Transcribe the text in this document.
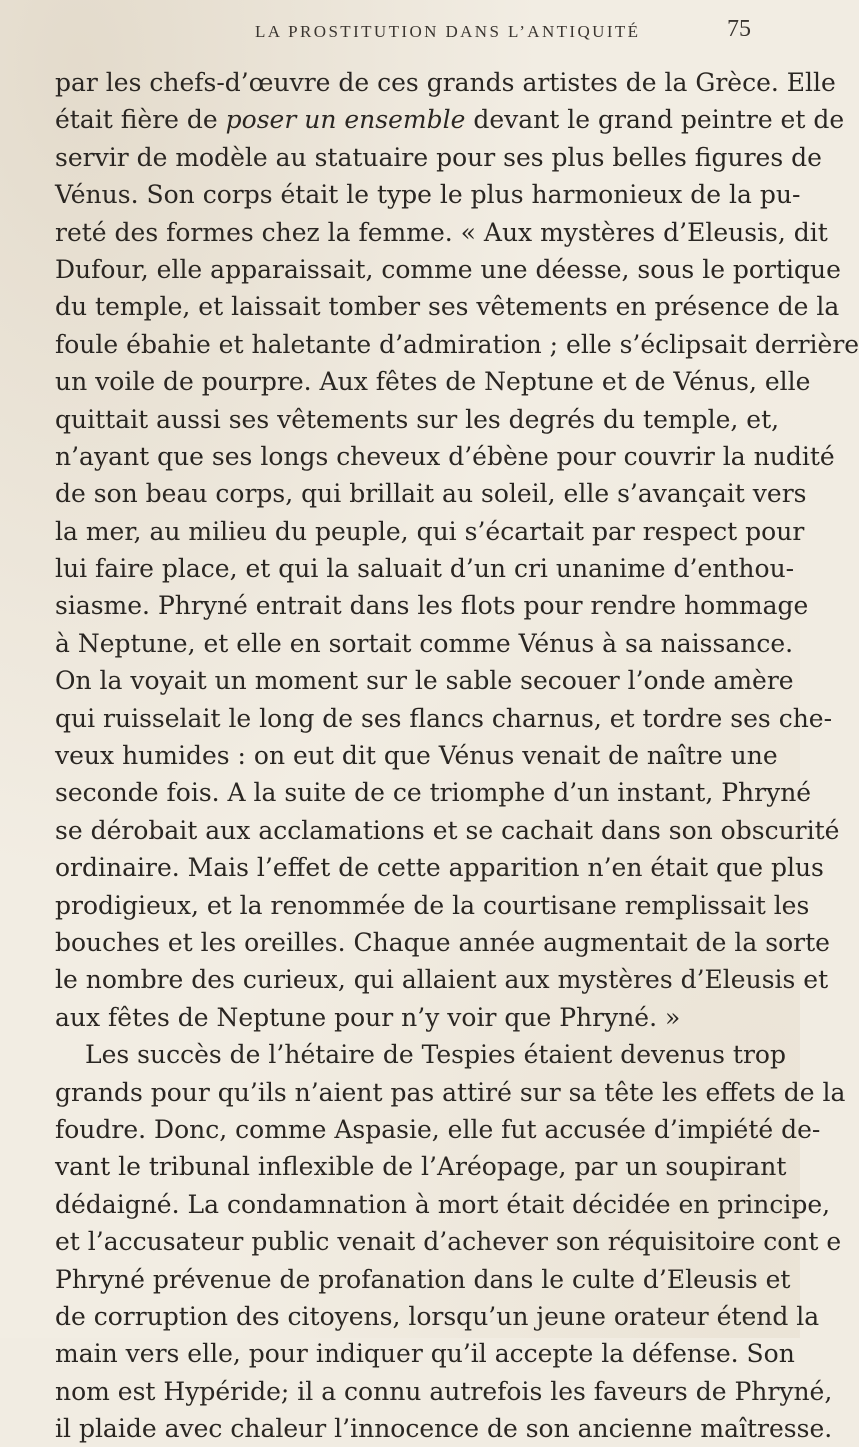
LA PROSTITUTION DANS L’ANTIQUITÉ	75
par les chefs-d’œuvre de ces grands artistes de la Grèce. Elle
était fière de poser un ensemble devant le grand peintre et de
servir de modèle au statuaire pour ses plus belles figures de
Vénus. Son corps était le type le plus harmonieux de la pu-
reté des formes chez la femme. « Aux mystères d’Eleusis, dit
Dufour, elle apparaissait, comme une déesse, sous le portique
du temple, et laissait tomber ses vêtements en présence de la
foule ébahie et haletante d’admiration ; elle s’éclipsait derrière
un voile de pourpre. Aux fêtes de Neptune et de Vénus, elle
quittait aussi ses vêtements sur les degrés du temple, et,
n’ayant que ses longs cheveux d’ébène pour couvrir la nudité
de son beau corps, qui brillait au soleil, elle s’avançait vers
la mer, au milieu du peuple, qui s’écartait par respect pour
lui faire place, et qui la saluait d’un cri unanime d’enthou-
siasme. Phryné entrait dans les flots pour rendre hommage
à Neptune, et elle en sortait comme Vénus à sa naissance.
On la voyait un moment sur le sable secouer l’onde amère
qui ruisselait le long de ses flancs charnus, et tordre ses che-
veux humides : on eut dit que Vénus venait de naître une
seconde fois. A la suite de ce triomphe d’un instant, Phryné
se dérobait aux acclamations et se cachait dans son obscurité
ordinaire. Mais l’effet de cette apparition n’en était que plus
prodigieux, et la renommée de la courtisane remplissait les
bouches et les oreilles. Chaque année augmentait de la sorte
le nombre des curieux, qui allaient aux mystères d’Eleusis et
aux fêtes de Neptune pour n’y voir que Phryné. »
Les succès de l’hétaire de Tespies étaient devenus trop
grands pour qu’ils n’aient pas attiré sur sa tête les effets de la
foudre. Donc, comme Aspasie, elle fut accusée d’impiété de-
vant le tribunal inflexible de l’Aréopage, par un soupirant
dédaigné. La condamnation à mort était décidée en principe,
et l’accusateur public venait d’achever son réquisitoire cont e
Phryné prévenue de profanation dans le culte d’Eleusis et
de corruption des citoyens, lorsqu’un jeune orateur étend la
main vers elle, pour indiquer qu’il accepte la défense. Son
nom est Hypéride; il a connu autrefois les faveurs de Phryné,
il plaide avec chaleur l’innocence de son ancienne maîtresse.
